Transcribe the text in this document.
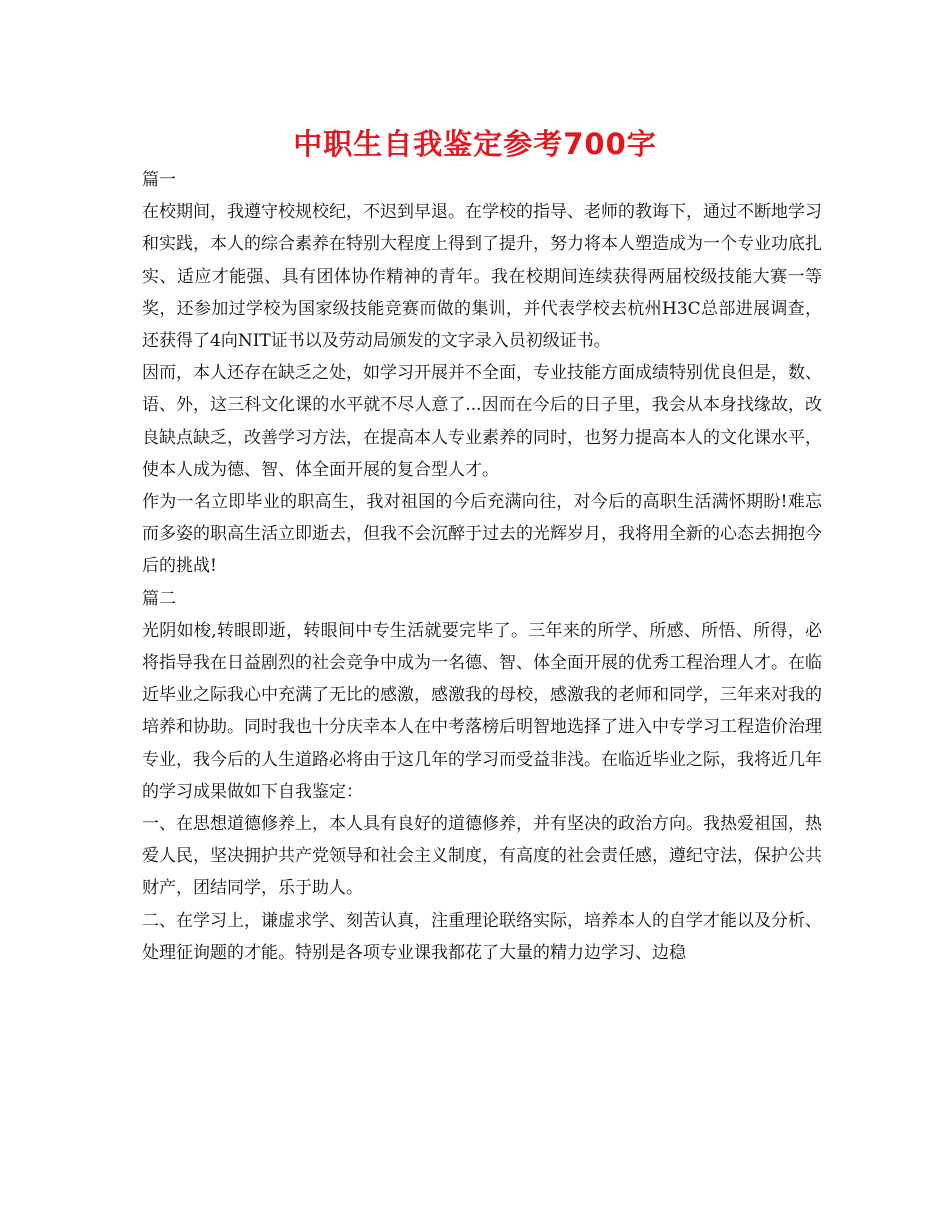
中职生自我鉴定参考700字

篇一

在校期间，我遵守校规校纪，不迟到早退。在学校的指导、老师的教诲下，通过不断地学习和实践，本人的综合素养在特别大程度上得到了提升，努力将本人塑造成为一个专业功底扎实、适应才能强、具有团体协作精神的青年。我在校期间连续获得两届校级技能大赛一等奖，还参加过学校为国家级技能竞赛而做的集训，并代表学校去杭州H3C总部进展调查，还获得了4向NIT证书以及劳动局颁发的文字录入员初级证书。

因而，本人还存在缺乏之处，如学习开展并不全面，专业技能方面成绩特别优良但是，数、语、外，这三科文化课的水平就不尽人意了...因而在今后的日子里，我会从本身找缘故，改良缺点缺乏，改善学习方法，在提高本人专业素养的同时，也努力提高本人的文化课水平，使本人成为德、智、体全面开展的复合型人才。

作为一名立即毕业的职高生，我对祖国的今后充满向往，对今后的高职生活满怀期盼!难忘而多姿的职高生活立即逝去，但我不会沉醉于过去的光辉岁月，我将用全新的心态去拥抱今后的挑战!

篇二

光阴如梭,转眼即逝，转眼间中专生活就要完毕了。三年来的所学、所感、所悟、所得，必将指导我在日益剧烈的社会竞争中成为一名德、智、体全面开展的优秀工程治理人才。在临近毕业之际我心中充满了无比的感激，感激我的母校，感激我的老师和同学，三年来对我的培养和协助。同时我也十分庆幸本人在中考落榜后明智地选择了进入中专学习工程造价治理专业，我今后的人生道路必将由于这几年的学习而受益非浅。在临近毕业之际，我将近几年的学习成果做如下自我鉴定：

一、在思想道德修养上，本人具有良好的道德修养，并有坚决的政治方向。我热爱祖国，热爱人民，坚决拥护共产党领导和社会主义制度，有高度的社会责任感，遵纪守法，保护公共财产，团结同学，乐于助人。

二、在学习上，谦虚求学、刻苦认真，注重理论联络实际，培养本人的自学才能以及分析、处理征询题的才能。特别是各项专业课我都花了大量的精力边学习、边稳
